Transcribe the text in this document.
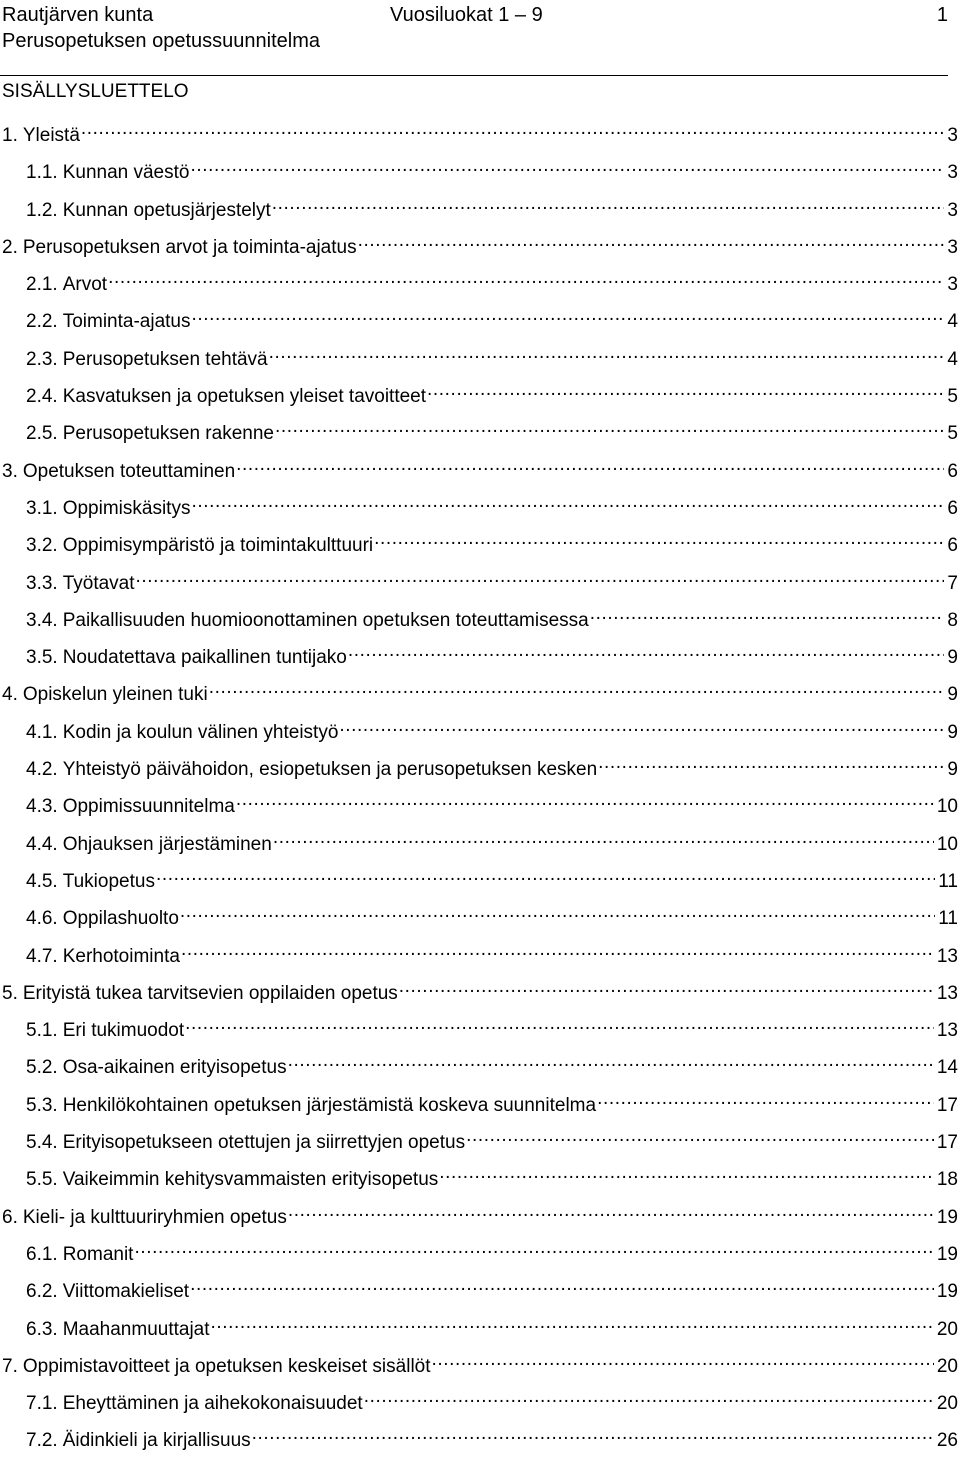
Rautjärven kunta
Perusopetuksen opetussuunnitelma
Vuosiluokat 1 – 9	1
SISÄLLYSLUETTELO
1. Yleistä .....	3
1.1. Kunnan väestö .....	3
1.2. Kunnan opetusjärjestelyt .....	3
2. Perusopetuksen arvot ja toiminta-ajatus .....	3
2.1. Arvot .....	3
2.2. Toiminta-ajatus .....	4
2.3. Perusopetuksen tehtävä .....	4
2.4. Kasvatuksen ja opetuksen yleiset tavoitteet .....	5
2.5. Perusopetuksen rakenne .....	5
3. Opetuksen toteuttaminen .....	6
3.1. Oppimiskäsitys .....	6
3.2. Oppimisympäristö ja toimintakulttuuri .....	6
3.3. Työtavat .....	7
3.4. Paikallisuuden huomioonottaminen opetuksen toteuttamisessa .....	8
3.5. Noudatettava paikallinen tuntijako .....	9
4. Opiskelun yleinen tuki .....	9
4.1. Kodin ja koulun välinen yhteistyö .....	9
4.2. Yhteistyö päivähoidon, esiopetuksen ja perusopetuksen kesken .....	9
4.3. Oppimissuunnitelma .....	10
4.4. Ohjauksen järjestäminen .....	10
4.5. Tukiopetus .....	11
4.6. Oppilashuolto .....	11
4.7. Kerhotoiminta .....	13
5. Erityistä tukea tarvitsevien oppilaiden opetus .....	13
5.1. Eri tukimuodot .....	13
5.2. Osa-aikainen erityisopetus .....	14
5.3. Henkilökohtainen opetuksen järjestämistä koskeva suunnitelma .....	17
5.4. Erityisopetukseen otettujen ja siirrettyjen opetus .....	17
5.5. Vaikeimmin kehitysvammaisten erityisopetus .....	18
6. Kieli- ja kulttuuriryhmien opetus .....	19
6.1. Romanit .....	19
6.2. Viittomakieliset .....	19
6.3. Maahanmuuttajat .....	20
7. Oppimistavoitteet ja opetuksen keskeiset sisällöt .....	20
7.1. Eheyttäminen ja aihekokonaisuudet .....	20
7.2. Äidinkieli ja kirjallisuus .....	26
